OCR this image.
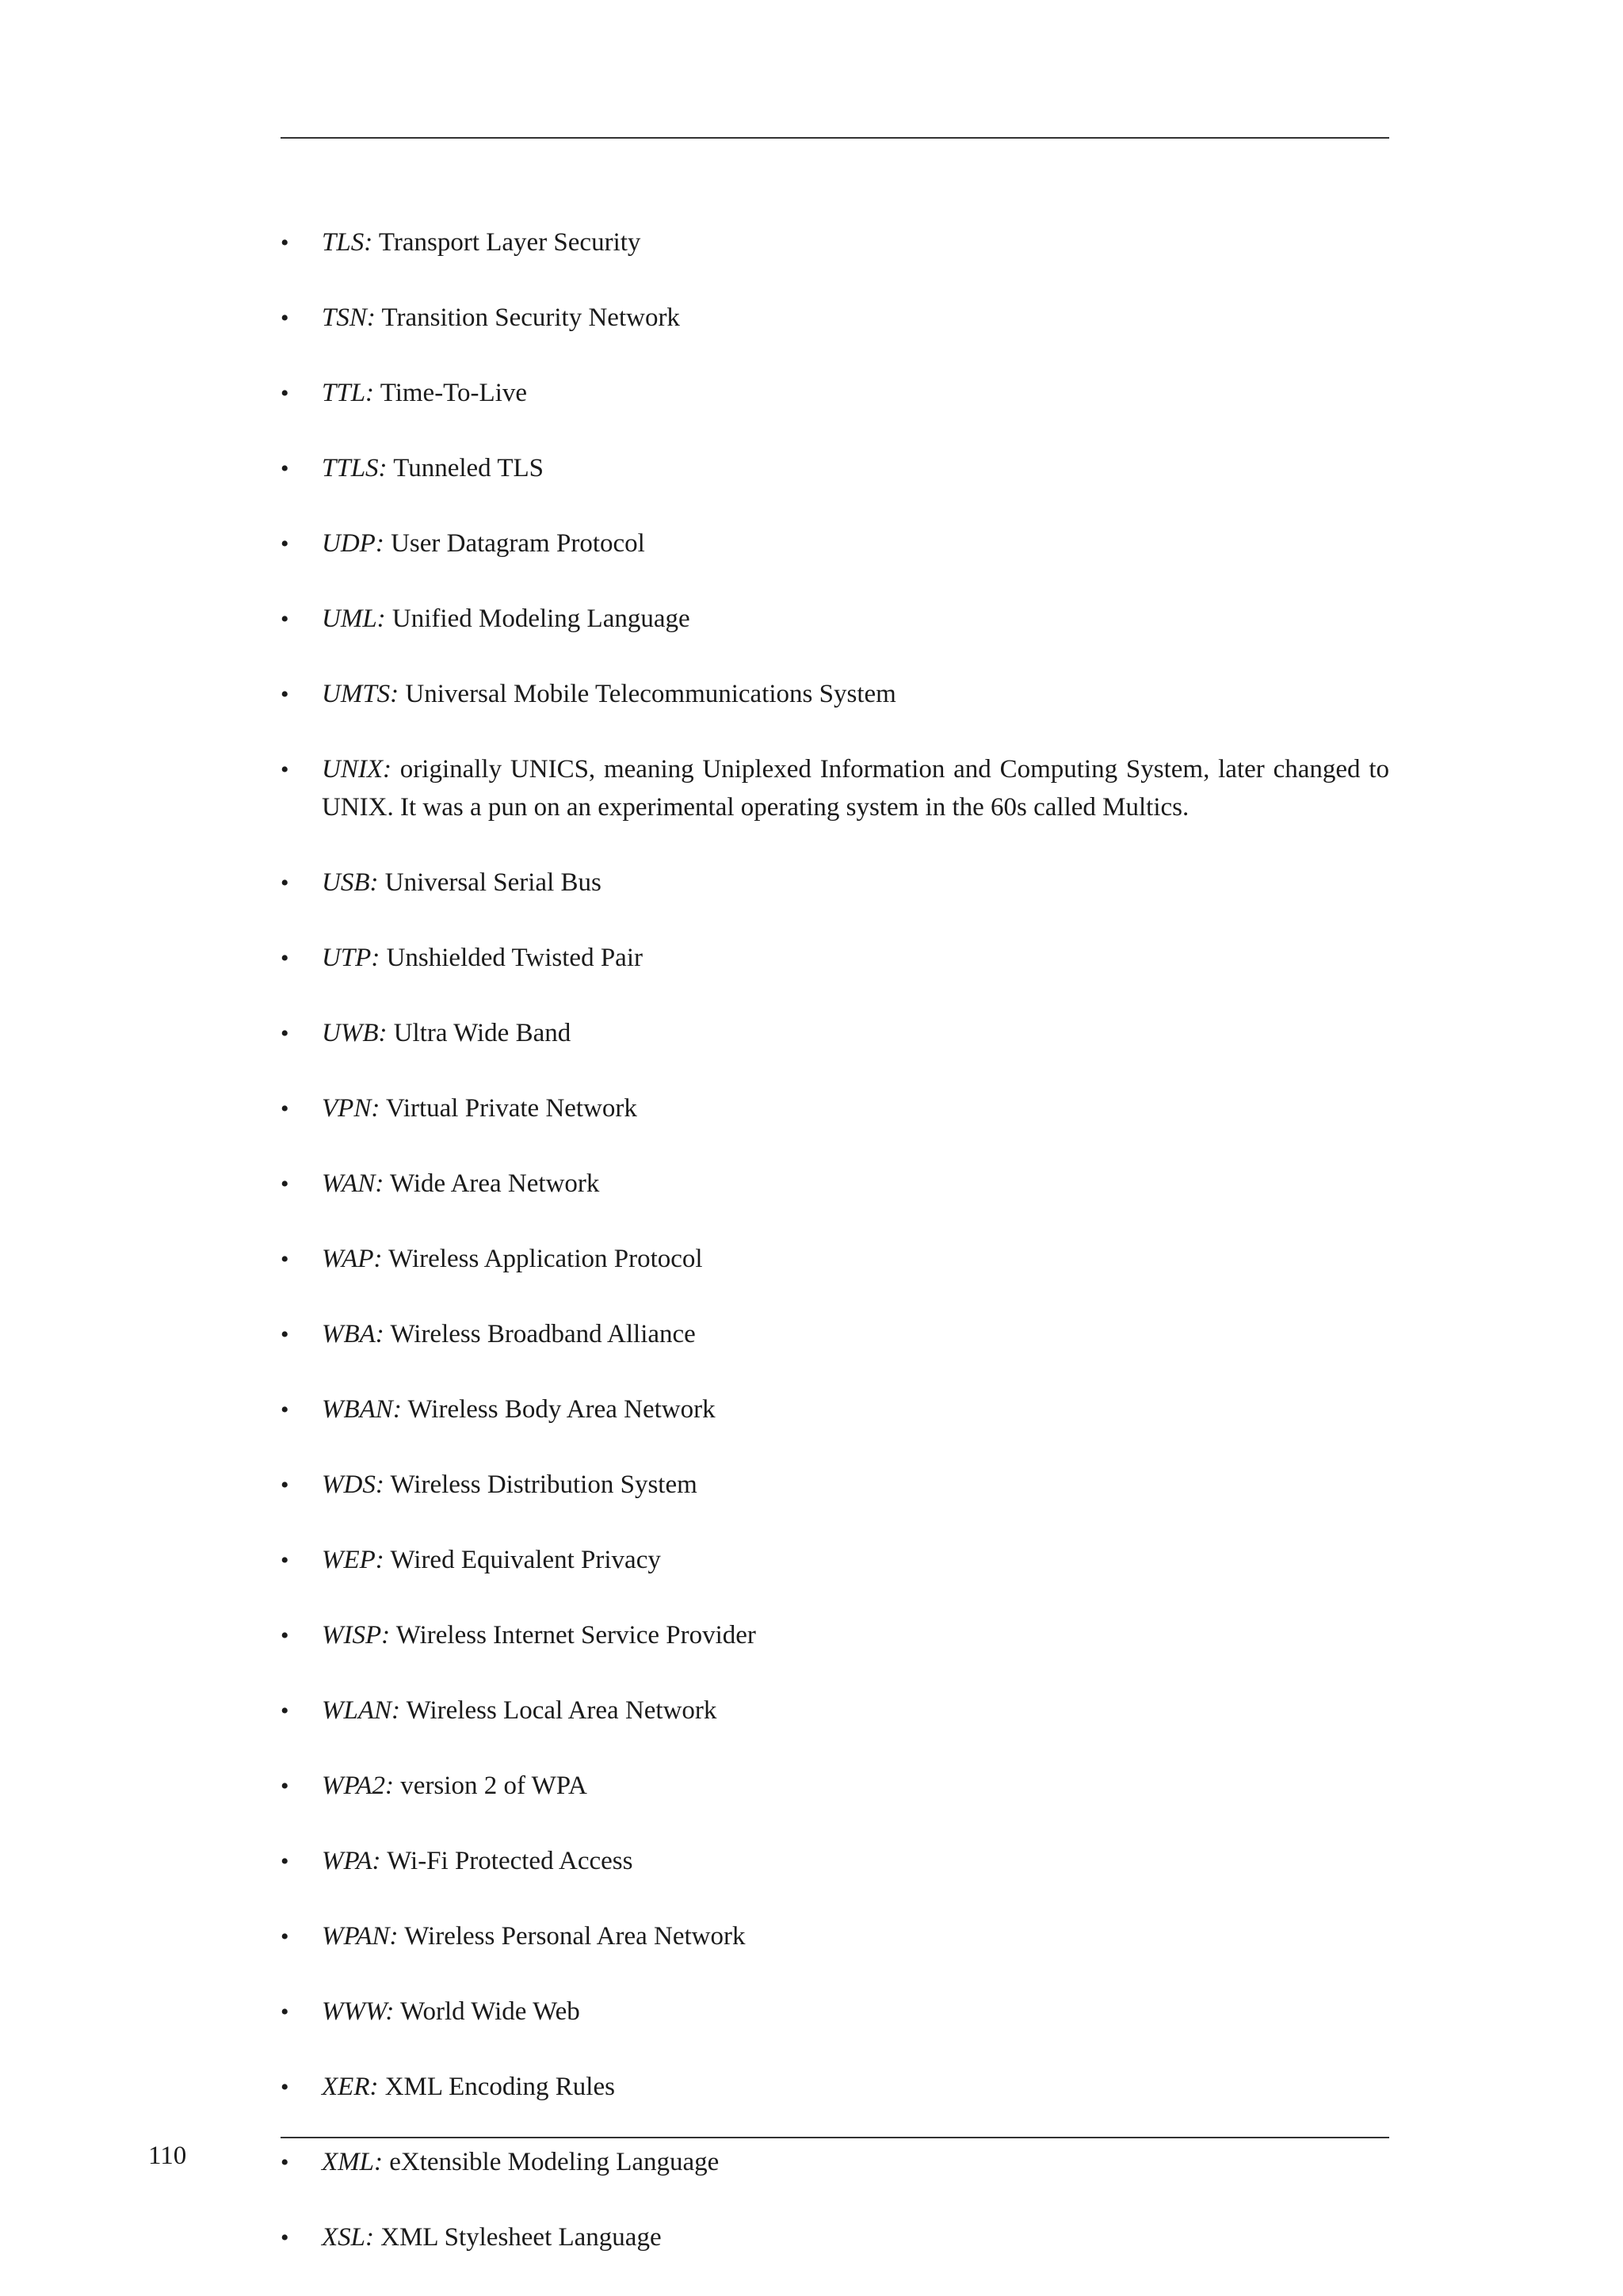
• TLS: Transport Layer Security
• TSN: Transition Security Network
• TTL: Time-To-Live
• TTLS: Tunneled TLS
• UDP: User Datagram Protocol
• UML: Unified Modeling Language
• UMTS: Universal Mobile Telecommunications System
• UNIX: originally UNICS, meaning Uniplexed Information and Computing System, later changed to UNIX. It was a pun on an experimental operating system in the 60s called Multics.
• USB: Universal Serial Bus
• UTP: Unshielded Twisted Pair
• UWB: Ultra Wide Band
• VPN: Virtual Private Network
• WAN: Wide Area Network
• WAP: Wireless Application Protocol
• WBA: Wireless Broadband Alliance
• WBAN: Wireless Body Area Network
• WDS: Wireless Distribution System
• WEP: Wired Equivalent Privacy
• WISP: Wireless Internet Service Provider
• WLAN: Wireless Local Area Network
• WPA2: version 2 of WPA
• WPA: Wi-Fi Protected Access
• WPAN: Wireless Personal Area Network
• WWW: World Wide Web
• XER: XML Encoding Rules
• XML: eXtensible Modeling Language
• XSL: XML Stylesheet Language
110
